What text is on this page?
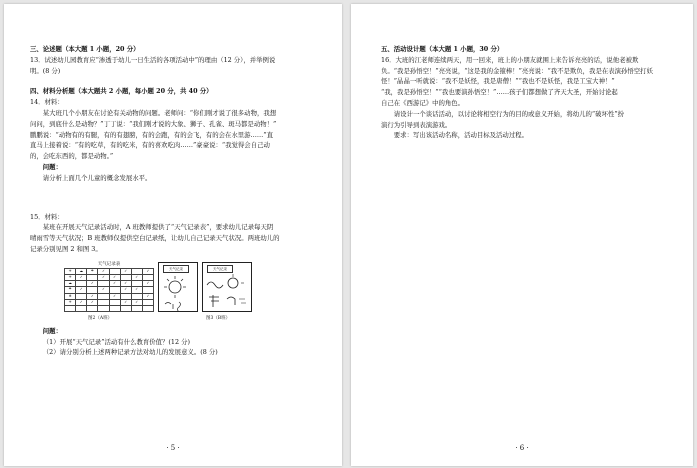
三、论述题（本大题 1 小题，20 分）

13．试述幼儿园教育应“渗透于幼儿一日生活的各项活动中”的理由（12 分），并举例说

明。(8 分)

四、材料分析题（本大题共 2 小题，每小题 20 分，共 40 分）

14．材料：

某大班几个小朋友在讨论有关动物的问题。老师问：“你们刚才说了很多动物，我想

问问，到底什么是动物？”丁丁说：“我们刚才说的大象、狮子、孔雀、斑马都是动物！”

鹏鹏说：“动物有的有腿，有的有翅膀，有的会跑，有的会飞，有的会在水里游……”直

直马上接着说：“有的吃草，有的吃米，有的喜欢吃肉……”豪豪说：“我觉得会自己动

的，会吃东西的，都是动物。”

问题：

请分析上面几个儿童的概念发展水平。

15．材料：

某班在开展天气记录活动时，A 班教师提供了“天气记录表”，要求幼儿记录每天阴

晴雨雪等天气状况；B 班教师仅提供空白记录纸，让幼儿自己记录天气状况。两班幼儿的

记录分别见图 2 和图 3。

天气记录表
☀	☁	☂	✓		✓		✓
☀	✓		✓	✓		✓	
☁		✓		✓	✓		✓
☂	✓		✓		✓	✓	
❄		✓		✓			✓
☀	✓	✓			✓	✓	

天气记录	天气记录
图2（A班）	图3（B班）

问题：

（1）开展“天气记录”活动有什么教育价值？(12 分)

（2）请分别分析上述两种记录方法对幼儿的发展意义。(8 分)

· 5 ·

五、活动设计题（本大题 1 小题，30 分）

16．大班的江老师连续两天，用一回来，班上的小朋友就围上来告诉亮亮的话，说他老被欺

负。“我是孙悟空！”亮亮说，“这是我的金箍棒！”亮亮说：“我不是欺负，我是在表演孙悟空打妖

怪！”晶晶一听就说：“我不是妖怪，我是唐僧！”“我也不是妖怪，我是工宝大神！”

“我，我是孙悟空！”“我也要演孙悟空！”……孩子们都想做了齐天大圣，开始讨论起

自己在《西游记》中的角色。

请设计一个谈话活动，以讨论将相空行为的目的或意义开始，将幼儿的“破坏性”扮

演行为引导到表演游戏。

要求：写出该活动名称，活动目标及活动过程。

· 6 ·
